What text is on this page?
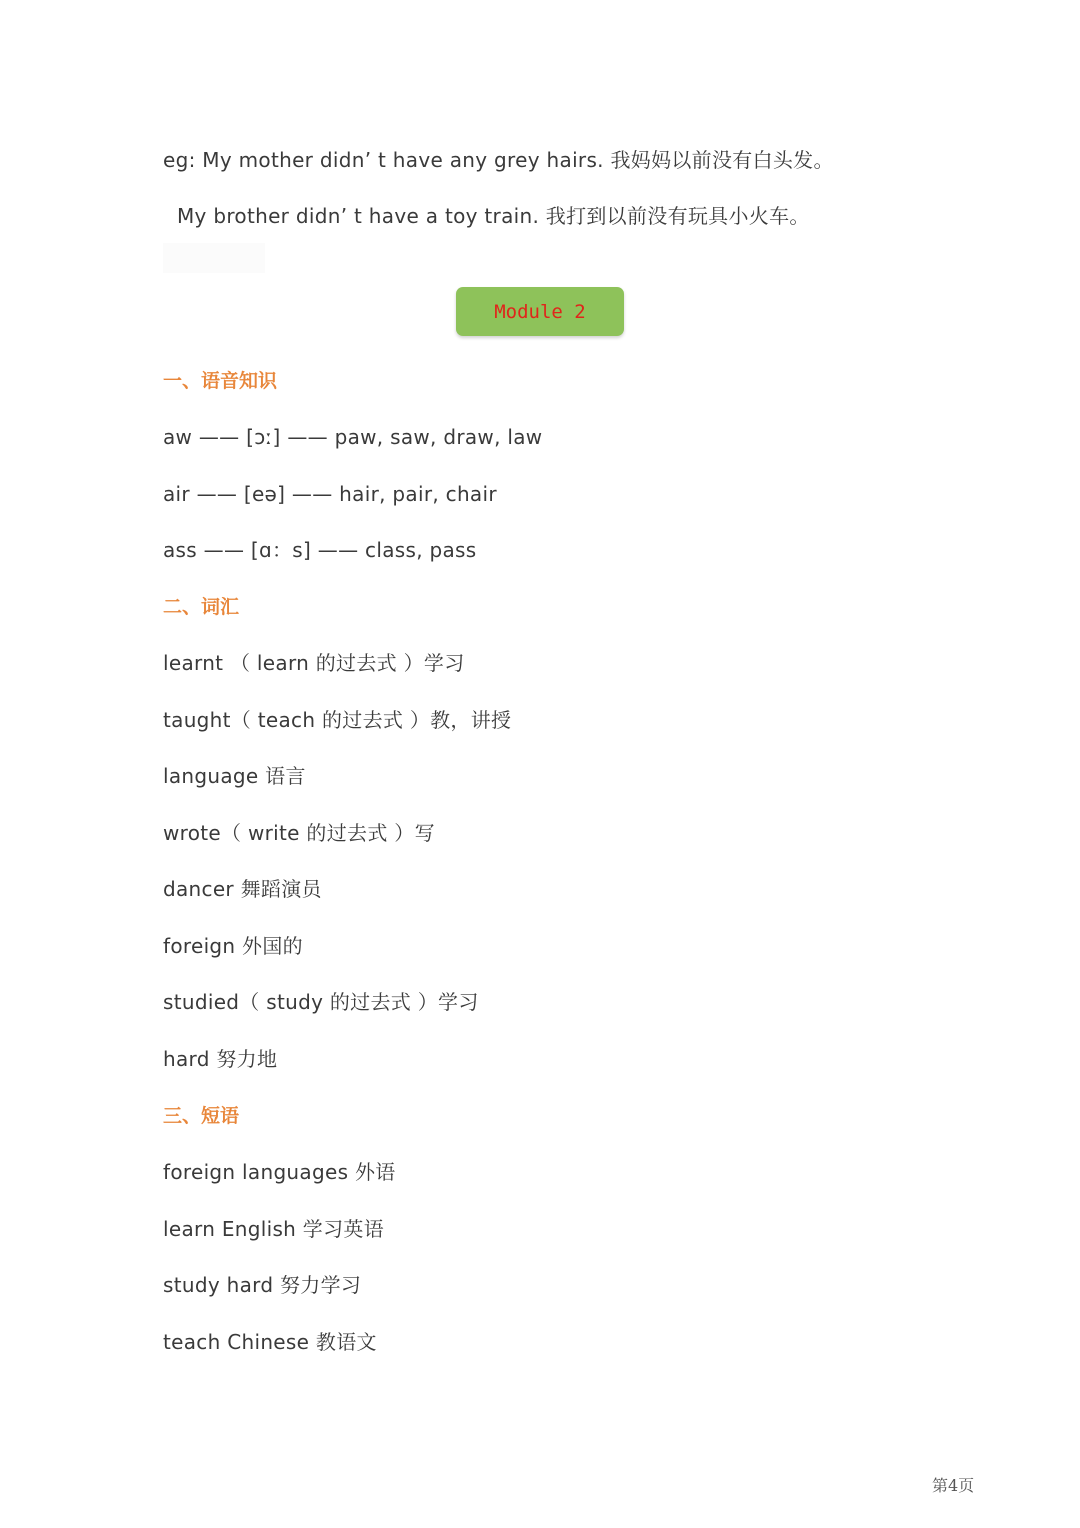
eg: My mother didn’ t have any grey hairs. 我妈妈以前没有白头发。
My brother didn’ t have a toy train. 我打到以前没有玩具小火车。
Module 2
一、语音知识
aw —— [ɔː] —— paw, saw, draw, law
air —— [eə] —— hair, pair, chair
ass —— [ɑ：s] —— class, pass
二、词汇
learnt （ learn 的过去式 ）学习
taught（ teach 的过去式 ）教，讲授
language 语言
wrote（ write 的过去式 ）写
dancer 舞蹈演员
foreign 外国的
studied（ study 的过去式 ）学习
hard 努力地
三、短语
foreign languages 外语
learn English 学习英语
study hard 努力学习
teach Chinese 教语文
第4页
